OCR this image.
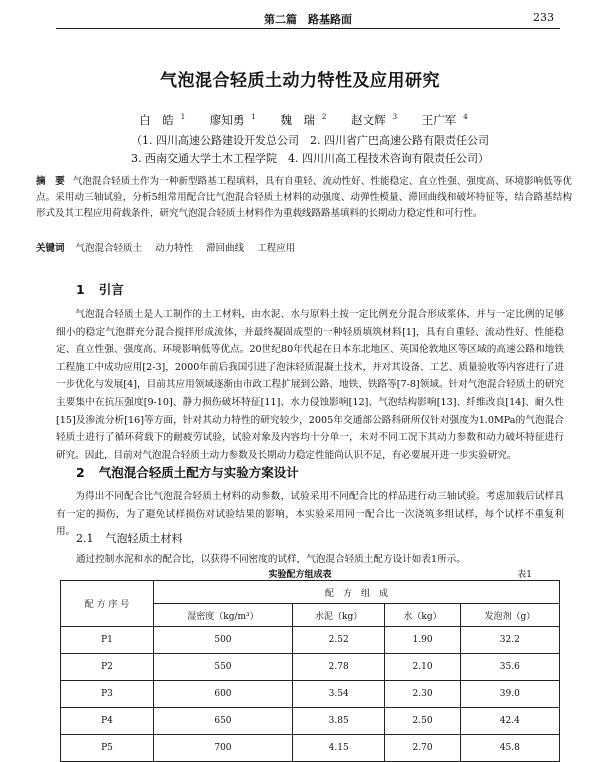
第二篇　路基路面	233
气泡混合轻质土动力特性及应用研究
白　皓 $^1$ 廖知勇 $^1$ 魏　瑞 $^2$ 赵文辉 $^3$ 王广军 $^4$
（1. 四川高速公路建设开发总公司　2. 四川省广巴高速公路有限责任公司
3. 西南交通大学土木工程学院　4. 四川川高工程技术咨询有限责任公司）
摘　要 气泡混合轻质土作为一种新型路基工程填料，具有自重轻、流动性好、性能稳定、直立性强、强度高、环境影响低等优点。采用动三轴试验，分析5组常用配合比气泡混合轻质土材料的动强度、动弹性模量、滞回曲线和破坏特征等，结合路基结构形式及其工程应用荷载条件，研究气泡混合轻质土材料作为重载线路路基填料的长期动力稳定性和可行性。
关键词 气泡混合轻质土 动力特性 滞回曲线 工程应用
1 引言
气泡混合轻质土是人工制作的土工材料，由水泥、水与原料土按一定比例充分混合形成浆体，并与一定比例的足够细小的稳定气泡群充分混合搅拌形成流体，并最终凝固成型的一种轻质填筑材料[1]，具有自重轻、流动性好、性能稳定、直立性强、强度高、环境影响低等优点。20世纪80年代起在日本东北地区、英国伦敦地区等区域的高速公路和地铁工程施工中成功应用[2-3]，2000年前后我国引进了泡沫轻质混凝土技术，并对其设备、工艺、质量验收等内容进行了进一步优化与发展[4]，目前其应用领域逐渐由市政工程扩展到公路、地铁、铁路等[7-8]领域。针对气泡混合轻质土的研究主要集中在抗压强度[9-10]、静力损伤破坏特征[11]、水力侵蚀影响[12]、气泡结构影响[13]、纤维改良[14]、耐久性[15]及渗流分析[16]等方面，针对其动力特性的研究较少，2005年交通部公路科研所仅针对强度为1.0MPa的气泡混合轻质土进行了循环荷载下的耐疲劳试验，试验对象及内容均十分单一，未对不同工况下其动力参数和动力破坏特征进行研究。因此，目前对气泡混合轻质土动力参数及长期动力稳定性能尚认识不足，有必要展开进一步实验研究。
2 气泡混合轻质土配方与实验方案设计
为得出不同配合比气泡混合轻质土材料的动参数，试验采用不同配合比的样品进行动三轴试验。考虑加载后试样具有一定的损伤，为了避免试样损伤对试验结果的影响，本实验采用同一配合比一次浇筑多组试样，每个试样不重复利用。
2.1 气泡轻质土材料
通过控制水泥和水的配合比，以获得不同密度的试样，气泡混合轻质土配方设计如表1所示。
实验配方组成表	表1
配 方 序 号	配　方　组　成			
	湿密度（kg/m³）	水泥（kg）	水（kg）	发泡剂（g）
P1	500	2.52	1.90	32.2
P2	550	2.78	2.10	35.6
P3	600	3.54	2.30	39.0
P4	650	3.85	2.50	42.4
P5	700	4.15	2.70	45.8
